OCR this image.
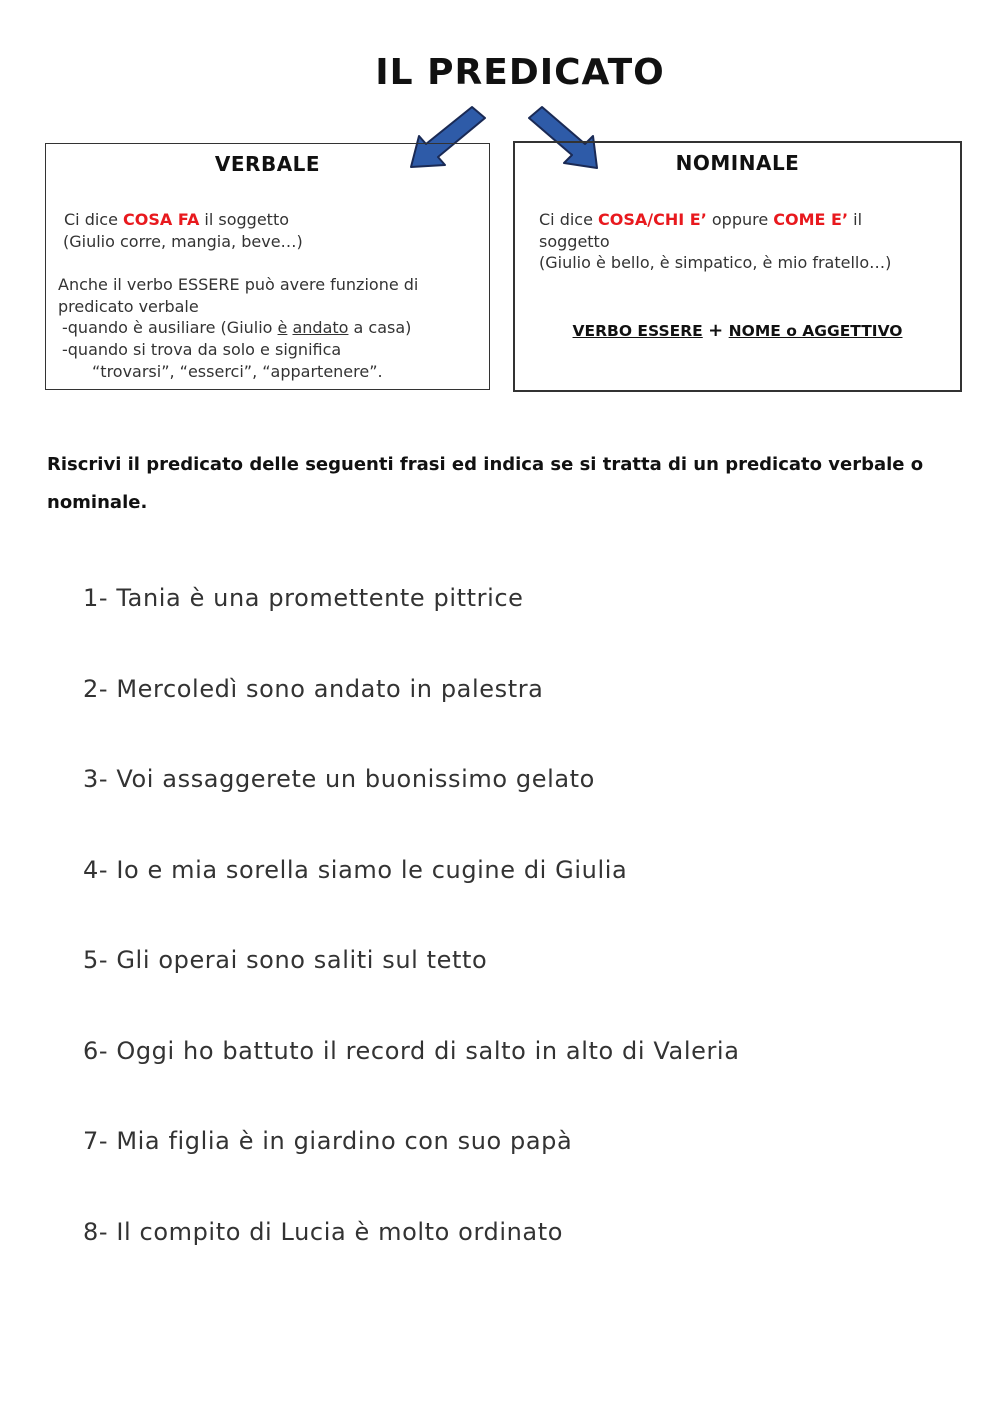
IL PREDICATO
VERBALE
Ci dice COSA FA il soggetto
(Giulio corre, mangia, beve…)
Anche il verbo ESSERE può avere funzione di
predicato verbale
-quando è ausiliare (Giulio è andato a casa)
-quando si trova da solo e significa
“trovarsi”, “esserci”, “appartenere”.
NOMINALE
Ci dice COSA/CHI E’ oppure COME E’ il
soggetto
(Giulio è bello, è simpatico, è mio fratello…)
VERBO ESSERE + NOME o AGGETTIVO
Riscrivi il predicato delle seguenti frasi ed indica se si tratta di un predicato verbale o nominale.
1- Tania è una promettente pittrice
2- Mercoledì sono andato in palestra
3- Voi assaggerete un buonissimo gelato
4- Io e mia sorella siamo le cugine di Giulia
5- Gli operai sono saliti sul tetto
6- Oggi ho battuto il record di salto in alto di Valeria
7- Mia figlia è in giardino con suo papà
8- Il compito di Lucia è molto ordinato
